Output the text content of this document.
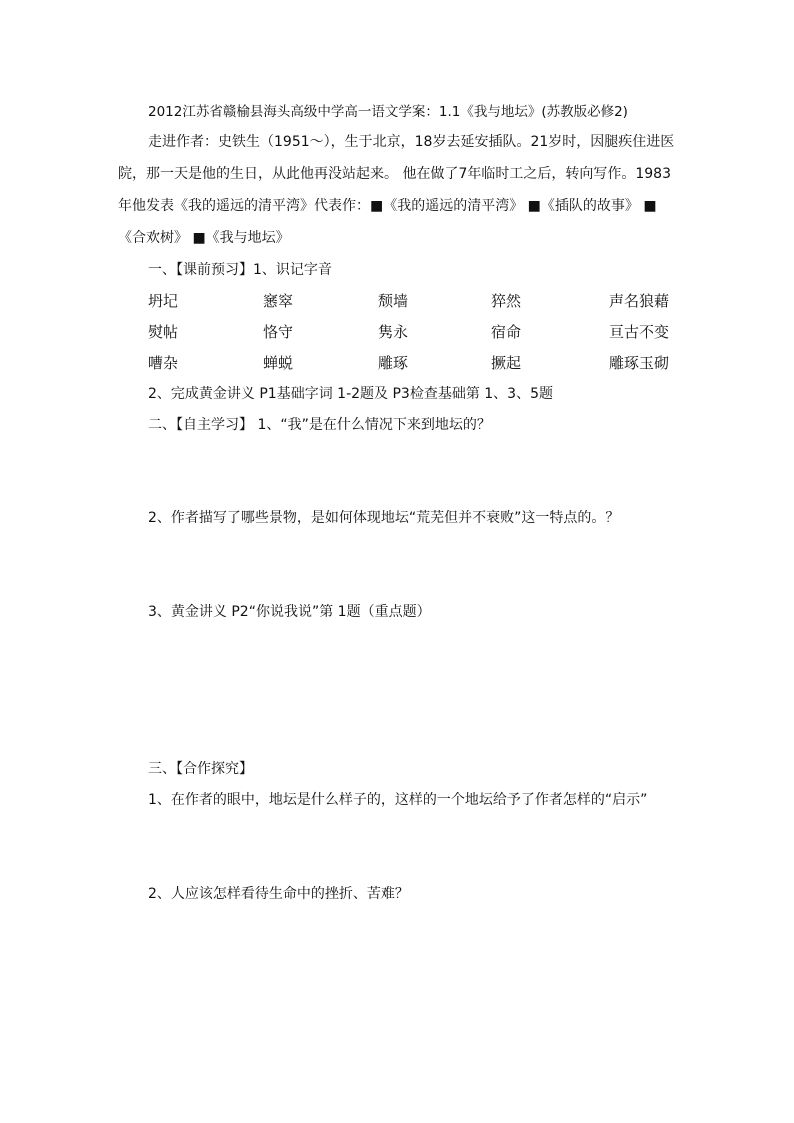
2012江苏省赣榆县海头高级中学高一语文学案：1.1《我与地坛》(苏教版必修2)
走进作者：史铁生（1951～），生于北京，18岁去延安插队。21岁时，因腿疾住进医
院，那一天是他的生日，从此他再没站起来。 他在做了7年临时工之后，转向写作。1983
年他发表《我的遥远的清平湾》代表作：■《我的遥远的清平湾》 ■《插队的故事》 ■
《合欢树》 ■《我与地坛》
一、【课前预习】1、识记字音
坍圮	窸窣	颓墙	猝然	声名狼藉
熨帖	恪守	隽永	宿命	亘古不变
嘈杂	蝉蜕	雕琢	撅起	雕琢玉砌
2、完成黄金讲义 P1基础字词 1-2题及 P3检查基础第 1、3、5题
二、【自主学习】 1、“我”是在什么情况下来到地坛的？
2、作者描写了哪些景物，是如何体现地坛“荒芜但并不衰败”这一特点的。？
3、黄金讲义 P2“你说我说”第 1题（重点题）
三、【合作探究】
1、在作者的眼中，地坛是什么样子的，这样的一个地坛给予了作者怎样的“启示”
2、人应该怎样看待生命中的挫折、苦难？
